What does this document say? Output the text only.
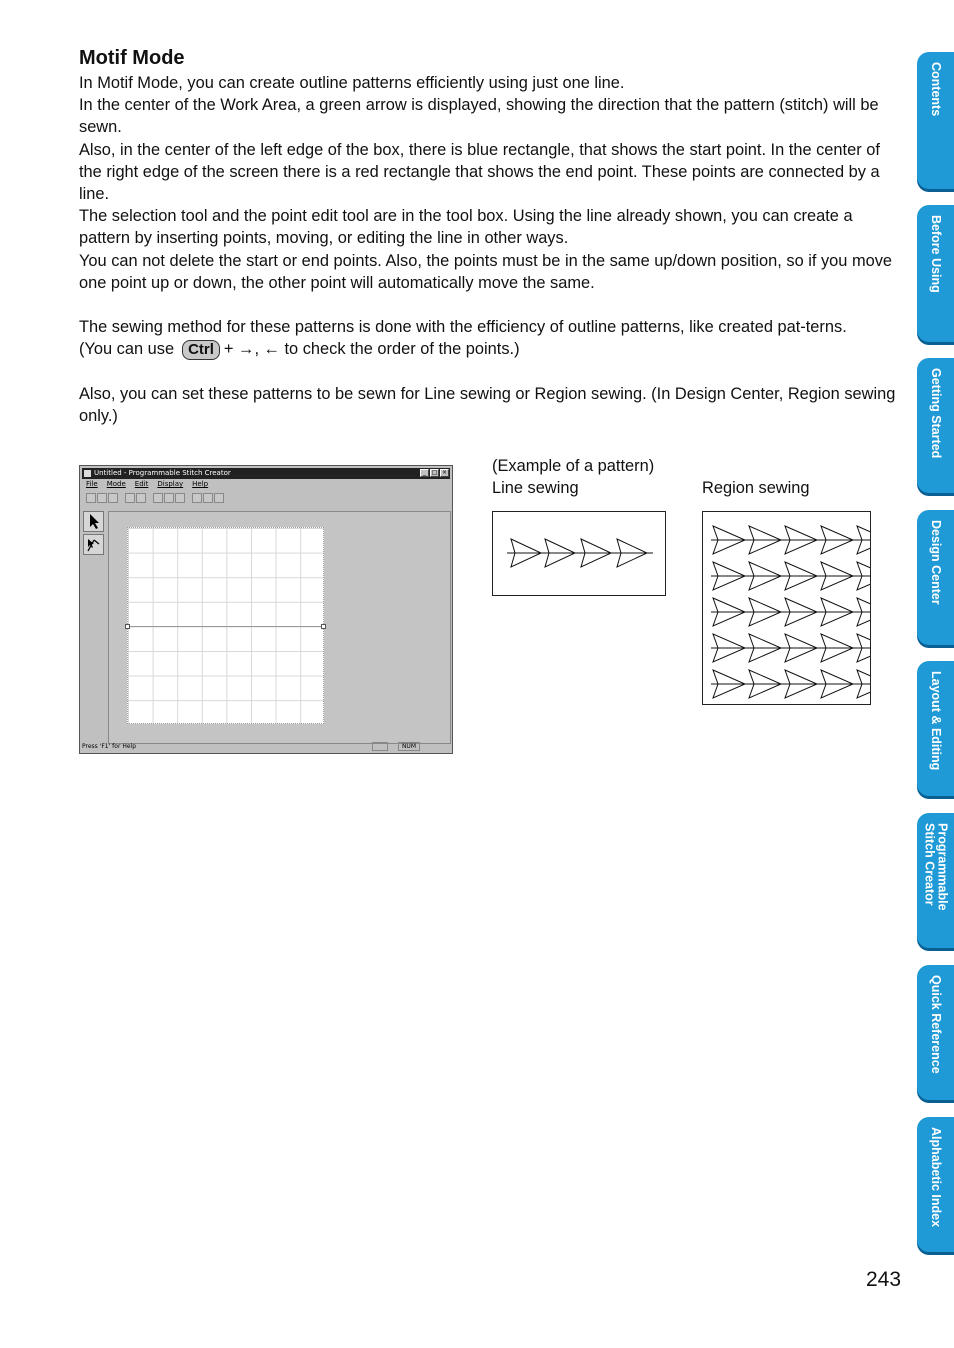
Motif Mode

In Motif Mode, you can create outline patterns efficiently using just one line.

In the center of the Work Area, a green arrow is displayed, showing the direction that the pattern (stitch) will be sewn.

Also, in the center of the left edge of the box, there is blue rectangle, that shows the start point. In the center of the right edge of the screen there is a red rectangle that shows the end point. These points are connected by a line.

The selection tool and the point edit tool are in the tool box. Using the line already shown, you can create a pattern by inserting points, moving, or editing the line in other ways.

You can not delete the start or end points. Also, the points must be in the same up/down position, so if you move one point up or down, the other point will automatically move the same.

The sewing method for these patterns is done with the efficiency of outline patterns, like created pat-terns.

(You can use Ctrl + →, ← to check the order of the points.)

Also, you can set these patterns to be sewn for Line sewing or Region sewing. (In Design Center, Region sewing only.)

Untitled - Programmable Stitch Creator	_ □ ×
File Mode Edit Display Help
Press 'F1' for Help	NUM
(Example of a pattern)
Line sewing	Region sewing
Contents
Before Using
Getting Started
Design Center
Layout & Editing
Programmable
Stitch Creator
Quick Reference
Alphabetic Index
243
